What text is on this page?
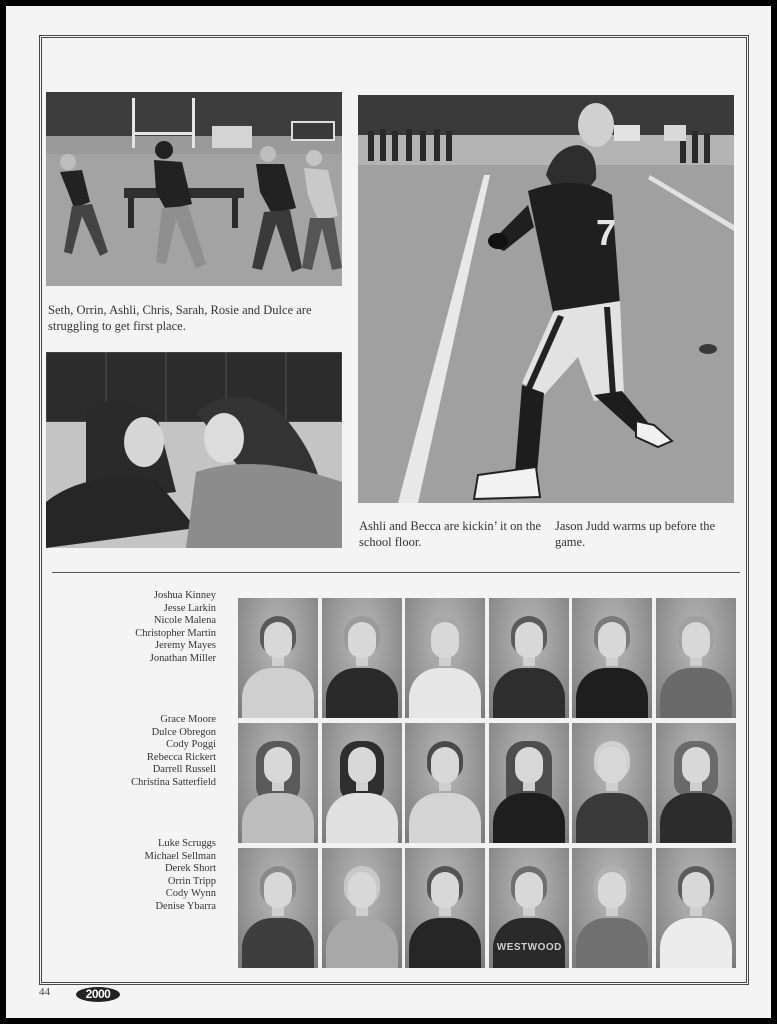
Seth, Orrin, Ashli, Chris, Sarah, Rosie and Dulce are struggling to get first place.

7

Ashli and Becca are kickin’ it on the school floor.

Jason Judd warms up before the game.

Joshua Kinney
Jesse Larkin
Nicole Malena
Christopher Martin
Jeremy Mayes
Jonathan Miller
Grace Moore
Dulce Obregon
Cody Poggi
Rebecca Rickert
Darrell Russell
Christina Satterfield
Luke Scruggs
Michael Sellman
Derek Short
Orrin Tripp
Cody Wynn
Denise Ybarra
WESTWOOD
44	2000
